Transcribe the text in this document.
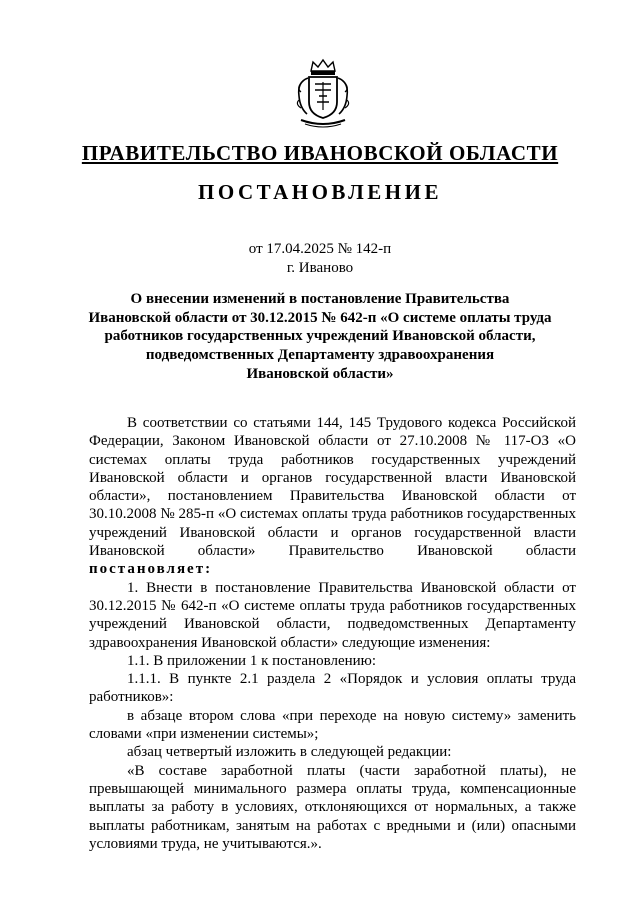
ПРАВИТЕЛЬСТВО ИВАНОВСКОЙ ОБЛАСТИ
ПОСТАНОВЛЕНИЕ
от 17.04.2025 № 142-п
г. Иваново
О внесении изменений в постановление Правительства
Ивановской области от 30.12.2015 № 642-п «О системе оплаты труда
работников государственных учреждений Ивановской области,
подведомственных Департаменту здравоохранения
Ивановской области»

В соответствии со статьями 144, 145 Трудового кодекса Российской Федерации, Законом Ивановской области от 27.10.2008 № 117-ОЗ «О системах оплаты труда работников государственных учреждений Ивановской области и органов государственной власти Ивановской области», постановлением Правительства Ивановской области от 30.10.2008 № 285-п «О системах оплаты труда работников государственных учреждений Ивановской области и органов государственной власти Ивановской области» Правительство Ивановской области постановляет:

1. Внести в постановление Правительства Ивановской области от 30.12.2015 № 642-п «О системе оплаты труда работников государственных учреждений Ивановской области, подведомственных Департаменту здравоохранения Ивановской области» следующие изменения:

1.1. В приложении 1 к постановлению:

1.1.1. В пункте 2.1 раздела 2 «Порядок и условия оплаты труда работников»:

в абзаце втором слова «при переходе на новую систему» заменить словами «при изменении системы»;

абзац четвертый изложить в следующей редакции:

«В составе заработной платы (части заработной платы), не превышающей минимального размера оплаты труда, компенсационные выплаты за работу в условиях, отклоняющихся от нормальных, а также выплаты работникам, занятым на работах с вредными и (или) опасными условиями труда, не учитываются.».
